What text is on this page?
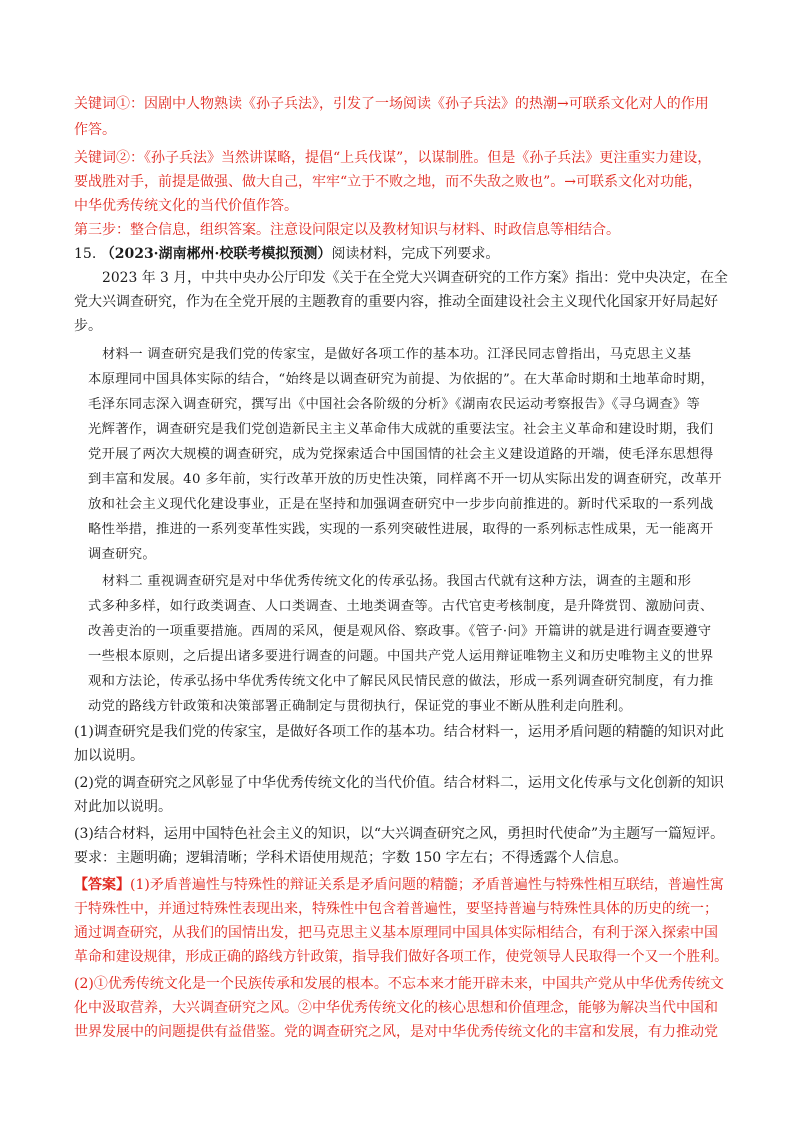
关键词①：因剧中人物熟读《孙子兵法》，引发了一场阅读《孙子兵法》的热潮→可联系文化对人的作用
作答。
关键词②：《孙子兵法》当然讲谋略，提倡“上兵伐谋”，以谋制胜。但是《孙子兵法》更注重实力建设，
要战胜对手，前提是做强、做大自己，牢牢“立于不败之地，而不失敌之败也”。→可联系文化对功能，
中华优秀传统文化的当代价值作答。
第三步：整合信息，组织答案。注意设问限定以及教材知识与材料、时政信息等相结合。
15. （2023·湖南郴州·校联考模拟预测）阅读材料，完成下列要求。
2023 年 3 月，中共中央办公厅印发《关于在全党大兴调查研究的工作方案》指出：党中央决定，在全
党大兴调查研究，作为在全党开展的主题教育的重要内容，推动全面建设社会主义现代化国家开好局起好
步。
材料一 调查研究是我们党的传家宝，是做好各项工作的基本功。江泽民同志曾指出，马克思主义基
本原理同中国具体实际的结合，“始终是以调查研究为前提、为依据的”。在大革命时期和土地革命时期，
毛泽东同志深入调查研究，撰写出《中国社会各阶级的分析》《湖南农民运动考察报告》《寻乌调查》等
光辉著作，调查研究是我们党创造新民主主义革命伟大成就的重要法宝。社会主义革命和建设时期，我们
党开展了两次大规模的调查研究，成为党探索适合中国国情的社会主义建设道路的开端，使毛泽东思想得
到丰富和发展。40 多年前，实行改革开放的历史性决策，同样离不开一切从实际出发的调查研究，改革开
放和社会主义现代化建设事业，正是在坚持和加强调查研究中一步步向前推进的。新时代采取的一系列战
略性举措，推进的一系列变革性实践，实现的一系列突破性进展，取得的一系列标志性成果，无一能离开
调查研究。
材料二 重视调查研究是对中华优秀传统文化的传承弘扬。我国古代就有这种方法，调查的主题和形
式多种多样，如行政类调查、人口类调查、土地类调查等。古代官吏考核制度，是升降赏罚、激励问责、
改善吏治的一项重要措施。西周的采风，便是观风俗、察政事。《管子·问》开篇讲的就是进行调查要遵守
一些根本原则，之后提出诸多要进行调查的问题。中国共产党人运用辩证唯物主义和历史唯物主义的世界
观和方法论，传承弘扬中华优秀传统文化中了解民风民情民意的做法，形成一系列调查研究制度，有力推
动党的路线方针政策和决策部署正确制定与贯彻执行，保证党的事业不断从胜利走向胜利。
(1)调查研究是我们党的传家宝，是做好各项工作的基本功。结合材料一，运用矛盾问题的精髓的知识对此
加以说明。
(2)党的调查研究之风彰显了中华优秀传统文化的当代价值。结合材料二，运用文化传承与文化创新的知识
对此加以说明。
(3)结合材料，运用中国特色社会主义的知识，以“大兴调查研究之风，勇担时代使命”为主题写一篇短评。
要求：主题明确；逻辑清晰；学科术语使用规范；字数 150 字左右；不得透露个人信息。
【答案】(1)矛盾普遍性与特殊性的辩证关系是矛盾问题的精髓；矛盾普遍性与特殊性相互联结，普遍性寓
于特殊性中，并通过特殊性表现出来，特殊性中包含着普遍性，要坚持普遍与特殊性具体的历史的统一；
通过调查研究，从我们的国情出发，把马克思主义基本原理同中国具体实际相结合，有利于深入探索中国
革命和建设规律，形成正确的路线方针政策，指导我们做好各项工作，使党领导人民取得一个又一个胜利。
(2)①优秀传统文化是一个民族传承和发展的根本。不忘本来才能开辟未来，中国共产党从中华优秀传统文
化中汲取营养，大兴调查研究之风。②中华优秀传统文化的核心思想和价值理念，能够为解决当代中国和
世界发展中的问题提供有益借鉴。党的调查研究之风，是对中华优秀传统文化的丰富和发展，有力推动党
